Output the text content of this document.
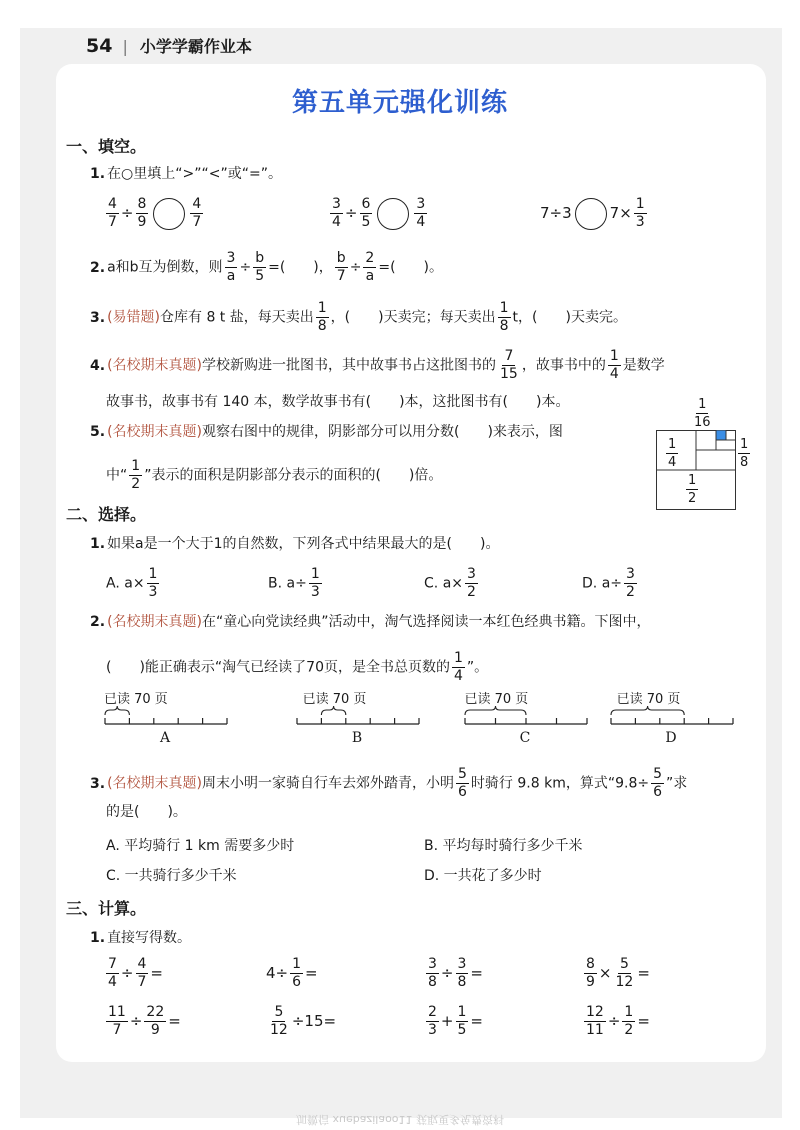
54 | 小学学霸作业本
第五单元强化训练
一、填空。
1. 在○里填上“>”“<”或“=”。
$\frac{4}{7} \div \frac{8}{9}$	$\frac{4}{7}$	$\frac{3}{4} \div \frac{6}{5}$	$\frac{3}{4}$	7÷3	$7\times \frac{1}{3}$
2. a和b互为倒数，则 $\frac{3}{a} \div \frac{b}{5}$ =(　　)， $\frac{b}{7} \div \frac{2}{a}$ =(　　)。
3. (易错题)仓库有 8 t 盐，每天卖出 $\frac{1}{8}$ ，(　　)天卖完；每天卖出 $\frac{1}{8}$ t，(　　)天卖完。
4. (名校期末真题)学校新购进一批图书，其中故事书占这批图书的 $\frac{7}{15}$ ，故事书中的 $\frac{1}{4}$ 是数学
故事书，故事书有 140 本，数学故事书有(　　)本，这批图书有(　　)本。
5. (名校期末真题)观察右图中的规律，阴影部分可以用分数(　　)来表示，图
中“ $\frac{1}{2}$ ”表示的面积是阴影部分表示的面积的(　　)倍。
$\frac{1}{16}$
$\frac{1}{4}$	$\frac{1}{8}$
$\frac{1}{2}$
二、选择。
1. 如果a是一个大于1的自然数，下列各式中结果最大的是(　　)。
A. $a\times \frac{1}{3}$	B. $a\div \frac{1}{3}$	C. $a\times \frac{3}{2}$	D. $a\div \frac{3}{2}$
2. (名校期末真题)在“童心向党读经典”活动中，淘气选择阅读一本红色经典书籍。下图中，
(　　)能正确表示“淘气已经读了70页，是全书总页数的 $\frac{1}{4}$ ”。
已读 70 页
A
已读 70 页
B
已读 70 页
C
已读 70 页
D
3. (名校期末真题)周末小明一家骑自行车去郊外踏青，小明 $\frac{5}{6}$ 时骑行 9.8 km，算式“$9.8\div \frac{5}{6}$ ”求
的是(　　)。
A. 平均骑行 1 km 需要多少时	B. 平均每时骑行多少千米
C. 一共骑行多少千米	D. 一共花了多少时
三、计算。
1. 直接写得数。
$\frac{7}{4} \div \frac{4}{7}$ =	$4\div \frac{1}{6}$ =	$\frac{3}{8} \div \frac{3}{8}$ =	$\frac{8}{9} \times \frac{5}{12}$ =
$\frac{11}{7} \div \frac{22}{9}$ =	$\frac{5}{12} \div 15=$	$\frac{2}{3} + \frac{1}{5}$ =	$\frac{12}{11} \div \frac{1}{2}$ =
加微信 xuebazilaoo11 获取更多免费资料
